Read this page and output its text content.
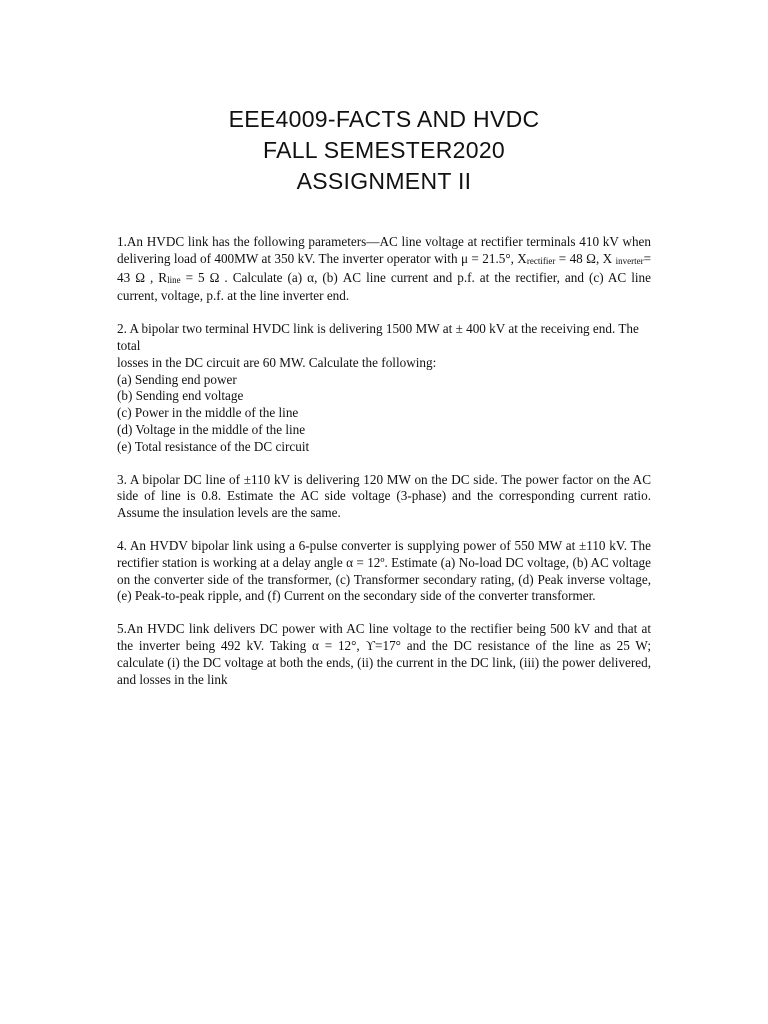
EEE4009-FACTS AND HVDC
FALL SEMESTER2020
ASSIGNMENT II

1.An HVDC link has the following parameters—AC line voltage at rectifier terminals 410 kV when delivering load of 400MW at 350 kV. The inverter operator with μ = 21.5°, Xrectifier = 48 Ω, X inverter= 43 Ω , Rline = 5 Ω . Calculate (a) α, (b) AC line current and p.f. at the rectifier, and (c) AC line current, voltage, p.f. at the line inverter end.

2. A bipolar two terminal HVDC link is delivering 1500 MW at ± 400 kV at the receiving end. The total
losses in the DC circuit are 60 MW. Calculate the following:
(a) Sending end power
(b) Sending end voltage
(c) Power in the middle of the line
(d) Voltage in the middle of the line
(e) Total resistance of the DC circuit

3. A bipolar DC line of ±110 kV is delivering 120 MW on the DC side. The power factor on the AC side of line is 0.8. Estimate the AC side voltage (3-phase) and the corresponding current ratio. Assume the insulation levels are the same.

4. An HVDV bipolar link using a 6-pulse converter is supplying power of 550 MW at ±110 kV. The rectifier station is working at a delay angle α = 12º. Estimate (a) No-load DC voltage, (b) AC voltage on the converter side of the transformer, (c) Transformer secondary rating, (d) Peak inverse voltage, (e) Peak-to-peak ripple, and (f) Current on the secondary side of the converter transformer.

5.An HVDC link delivers DC power with AC line voltage to the rectifier being 500 kV and that at the inverter being 492 kV. Taking α = 12°, ϒ=17° and the DC resistance of the line as 25 W; calculate (i) the DC voltage at both the ends, (ii) the current in the DC link, (iii) the power delivered, and losses in the link
